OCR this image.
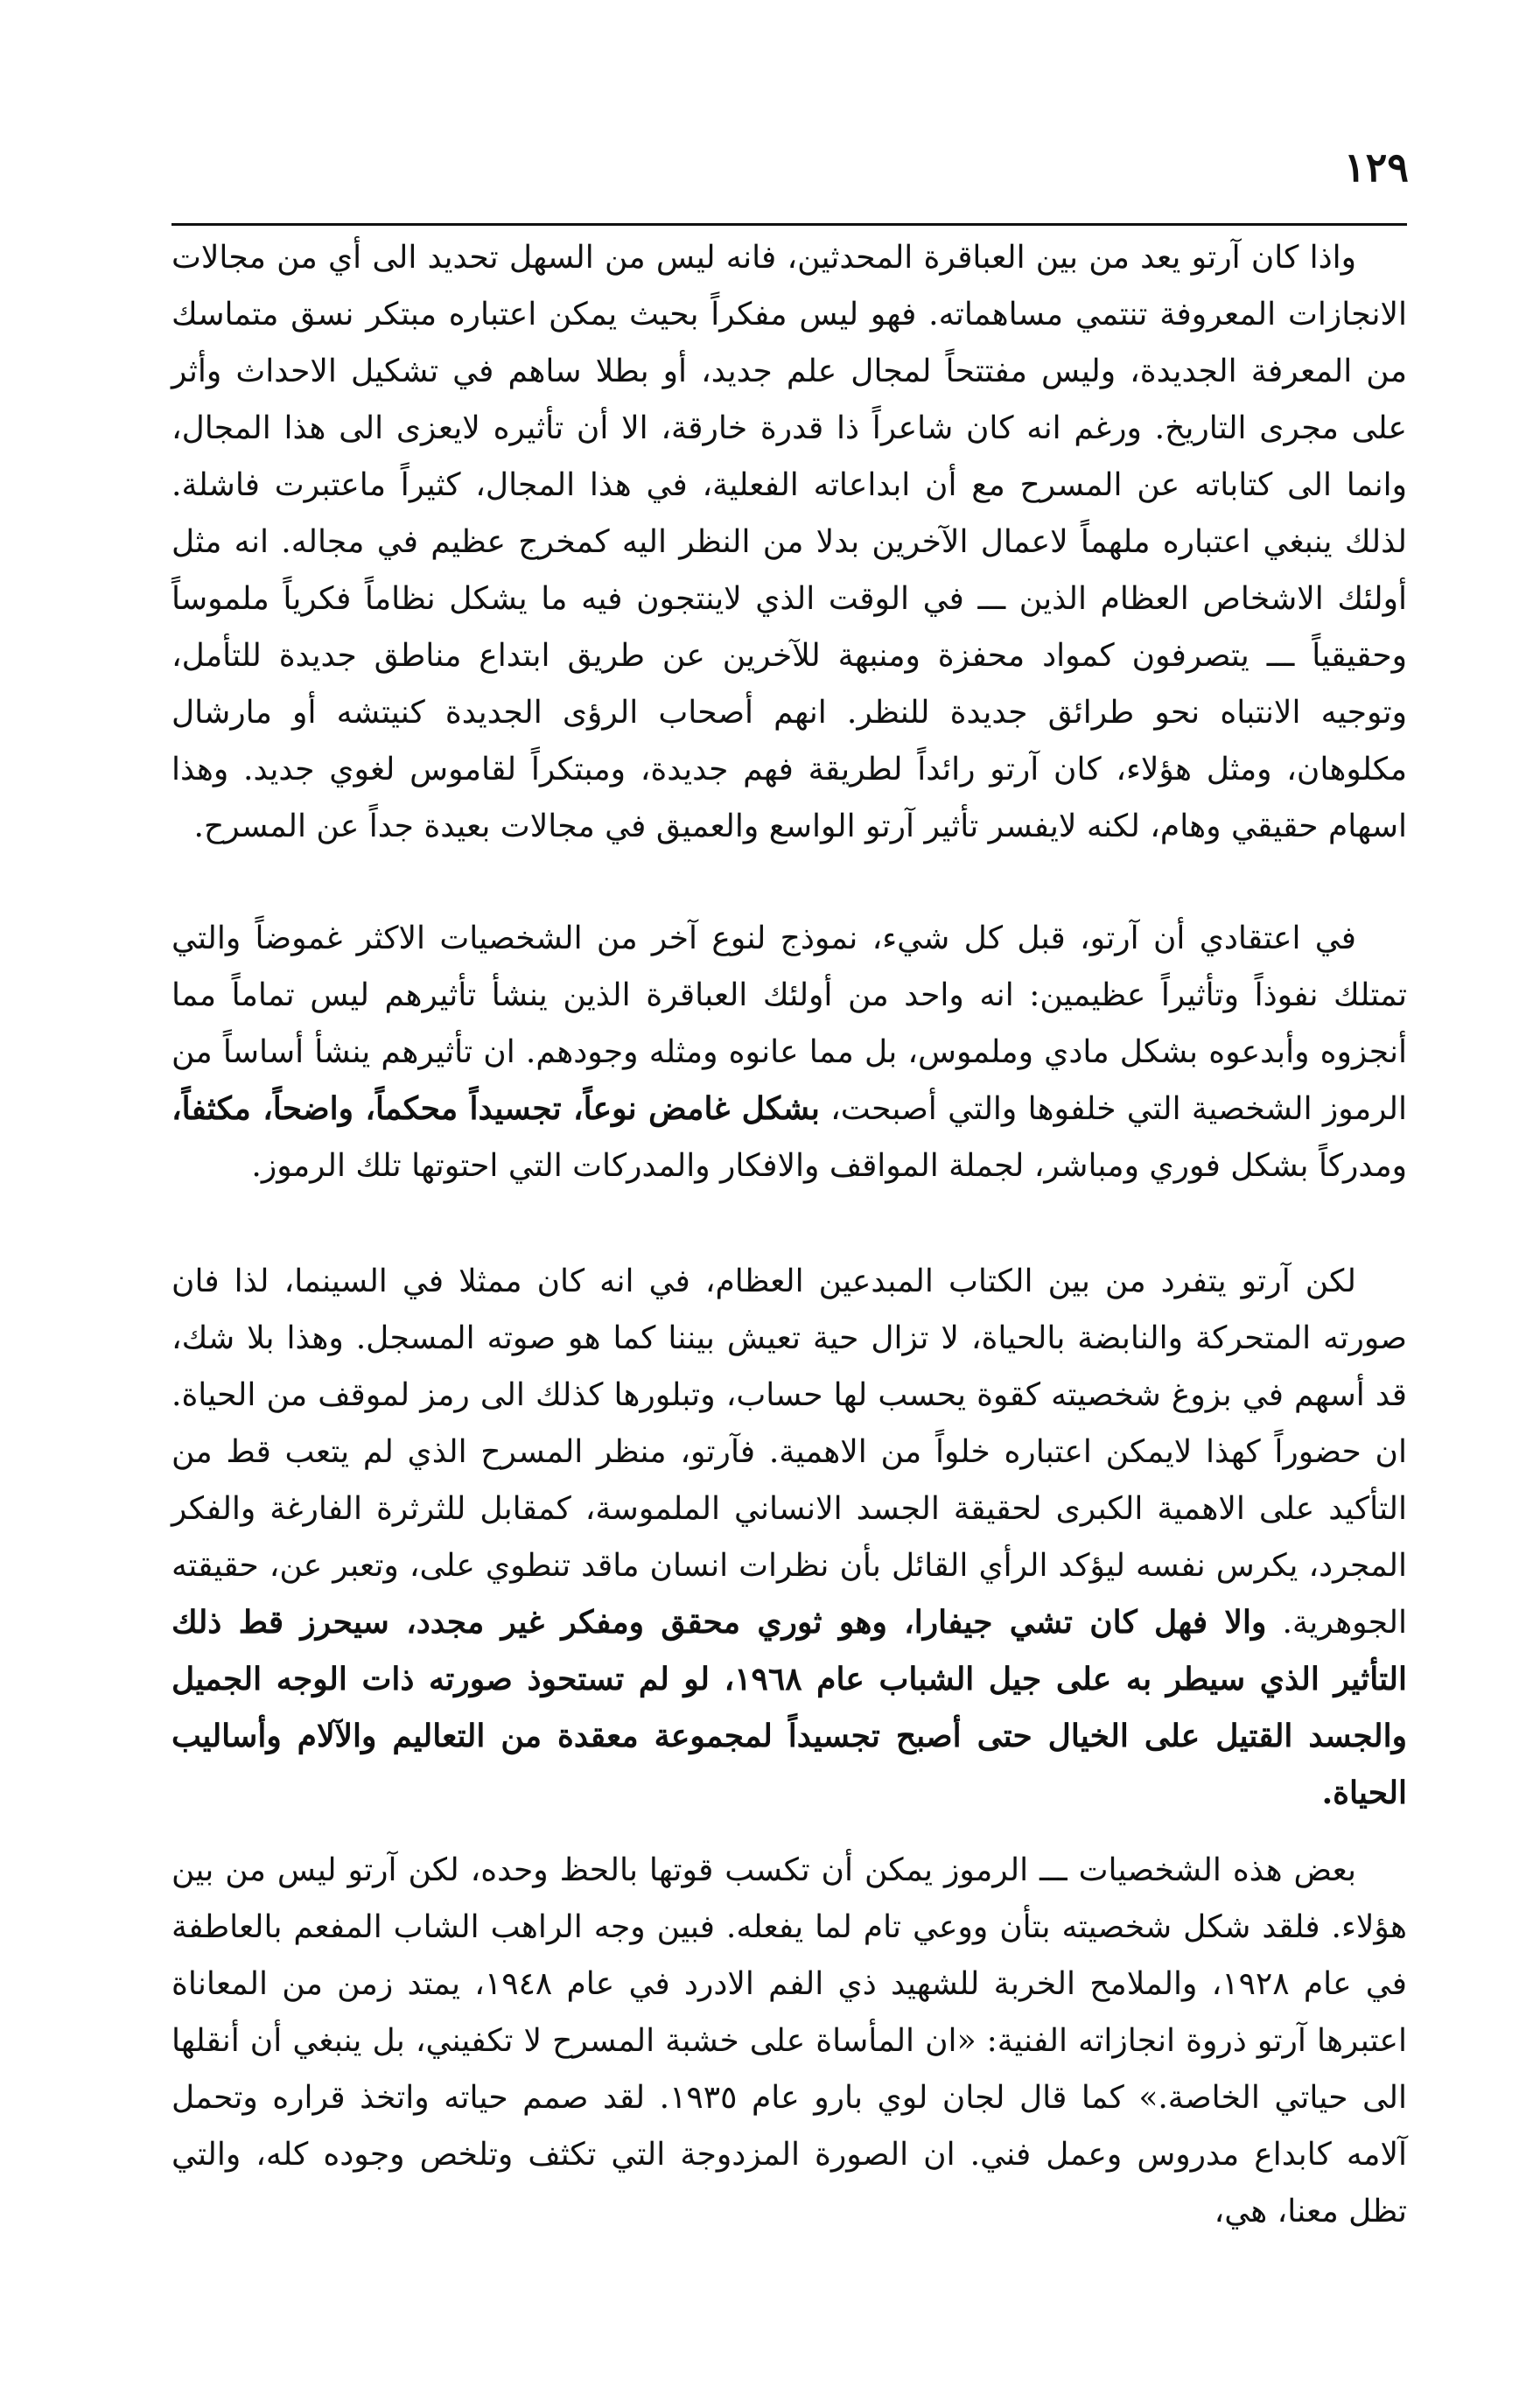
١٢٩

واذا كان آرتو يعد من بين العباقرة المحدثين، فانه ليس من السهل تحديد الى أي من مجالات الانجازات المعروفة تنتمي مساهماته. فهو ليس مفكراً بحيث يمكن اعتباره مبتكر نسق متماسك من المعرفة الجديدة، وليس مفتتحاً لمجال علم جديد، أو بطلا ساهم في تشكيل الاحداث وأثر على مجرى التاريخ. ورغم انه كان شاعراً ذا قدرة خارقة، الا أن تأثيره لايعزى الى هذا المجال، وانما الى كتاباته عن المسرح مع أن ابداعاته الفعلية، في هذا المجال، كثيراً ماعتبرت فاشلة. لذلك ينبغي اعتباره ملهماً لاعمال الآخرين بدلا من النظر اليه كمخرج عظيم في مجاله. انه مثل أولئك الاشخاص العظام الذين ـــ في الوقت الذي لاينتجون فيه ما يشكل نظاماً فكرياً ملموساً وحقيقياً ـــ يتصرفون كمواد محفزة ومنبهة للآخرين عن طريق ابتداع مناطق جديدة للتأمل، وتوجيه الانتباه نحو طرائق جديدة للنظر. انهم أصحاب الرؤى الجديدة كنيتشه أو مارشال مكلوهان، ومثل هؤلاء، كان آرتو رائداً لطريقة فهم جديدة، ومبتكراً لقاموس لغوي جديد. وهذا اسهام حقيقي وهام، لكنه لايفسر تأثير آرتو الواسع والعميق في مجالات بعيدة جداً عن المسرح.

في اعتقادي أن آرتو، قبل كل شيء، نموذج لنوع آخر من الشخصيات الاكثر غموضاً والتي تمتلك نفوذاً وتأثيراً عظيمين: انه واحد من أولئك العباقرة الذين ينشأ تأثيرهم ليس تماماً مما أنجزوه وأبدعوه بشكل مادي وملموس، بل مما عانوه ومثله وجودهم. ان تأثيرهم ينشأ أساساً من الرموز الشخصية التي خلفوها والتي أصبحت، بشكل غامض نوعاً، تجسيداً محكماً، واضحاً، مكثفاً، ومدركاً بشكل فوري ومباشر، لجملة المواقف والافكار والمدركات التي احتوتها تلك الرموز.

لكن آرتو يتفرد من بين الكتاب المبدعين العظام، في انه كان ممثلا في السينما، لذا فان صورته المتحركة والنابضة بالحياة، لا تزال حية تعيش بيننا كما هو صوته المسجل. وهذا بلا شك، قد أسهم في بزوغ شخصيته كقوة يحسب لها حساب، وتبلورها كذلك الى رمز لموقف من الحياة. ان حضوراً كهذا لايمكن اعتباره خلواً من الاهمية. فآرتو، منظر المسرح الذي لم يتعب قط من التأكيد على الاهمية الكبرى لحقيقة الجسد الانساني الملموسة، كمقابل للثرثرة الفارغة والفكر المجرد، يكرس نفسه ليؤكد الرأي القائل بأن نظرات انسان ماقد تنطوي على، وتعبر عن، حقيقته الجوهرية. والا فهل كان تشي جيفارا، وهو ثوري محقق ومفكر غير مجدد، سيحرز قط ذلك التأثير الذي سيطر به على جيل الشباب عام ١٩٦٨، لو لم تستحوذ صورته ذات الوجه الجميل والجسد القتيل على الخيال حتى أصبح تجسيداً لمجموعة معقدة من التعاليم والآلام وأساليب الحياة.

بعض هذه الشخصيات ـــ الرموز يمكن أن تكسب قوتها بالحظ وحده، لكن آرتو ليس من بين هؤلاء. فلقد شكل شخصيته بتأن ووعي تام لما يفعله. فبين وجه الراهب الشاب المفعم بالعاطفة في عام ١٩٢٨، والملامح الخربة للشهيد ذي الفم الادرد في عام ١٩٤٨، يمتد زمن من المعاناة اعتبرها آرتو ذروة انجازاته الفنية: «ان المأساة على خشبة المسرح لا تكفيني، بل ينبغي أن أنقلها الى حياتي الخاصة.» كما قال لجان لوي بارو عام ١٩٣٥. لقد صمم حياته واتخذ قراره وتحمل آلامه كابداع مدروس وعمل فني. ان الصورة المزدوجة التي تكثف وتلخص وجوده كله، والتي تظل معنا، هي،
